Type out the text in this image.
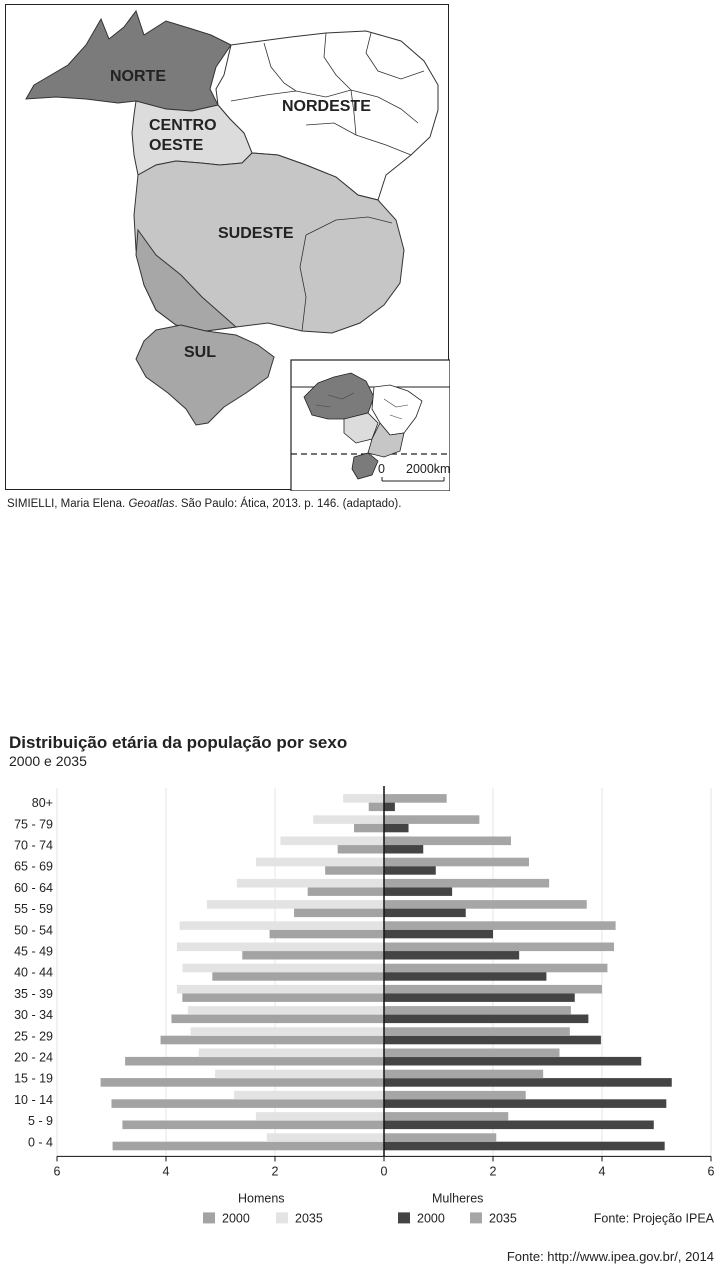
NORTE
CENTRO
OESTE
NORDESTE
SUDESTE
SUL
0 2000km
SIMIELLI, Maria Elena. Geoatlas. São Paulo: Ática, 2013. p. 146. (adaptado).
Distribuição etária da população por sexo
2000 e 2035
80+
75 - 79
70 - 74
65 - 69
60 - 64
55 - 59
50 - 54
45 - 49
40 - 44
35 - 39
30 - 34
25 - 29
20 - 24
15 - 19
10 - 14
5 - 9
0 - 4
6	4	2	0	2	4	6
Homens	Mulheres
2000	2035	2000	2035	Fonte: Projeção IPEA
Fonte: http://www.ipea.gov.br/, 2014
